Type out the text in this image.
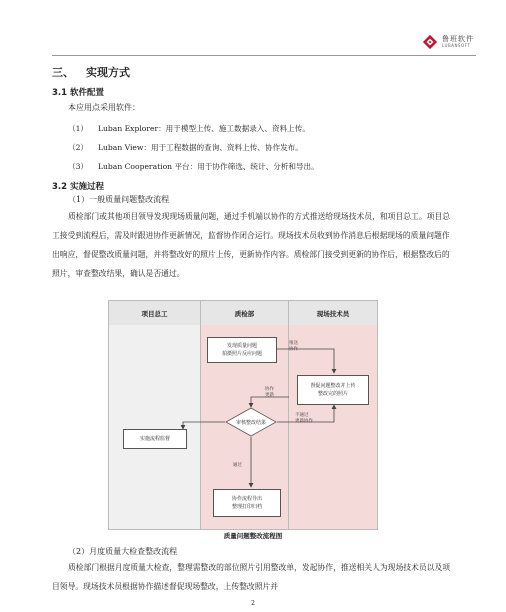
鲁班软件
LUBANSOFT
三、 实现方式
3.1 软件配置
本应用点采用软件：
（1） Luban Explorer：用于模型上传、施工数据录入、资料上传。
（2） Luban View：用于工程数据的查询、资料上传、协作发布。
（3） Luban Cooperation 平台：用于协作筛选、统计、分析和导出。
3.2 实施过程
（1）一般质量问题整改流程
质检部门或其他项目领导发现现场质量问题，通过手机端以协作的方式推送给现场技术员，和项目总工。项目总工接受到流程后，需及时跟进协作更新情况，监督协作闭合运行。现场技术员收到协作消息后根据现场的质量问题作出响应，督促整改质量问题，并将整改好的照片上传，更新协作内容。质检部门接受到更新的协作后，根据整改后的照片，审查整改结果，确认是否通过。
项目总工	质检部	现场技术员
发现质量问题
拍摄照片反应问题
督促问题整改并上传
整改完的照片
审核整改结果
实施流程监督
协作流程导出
整理打印归档
推送
协作
协作
更新
不通过
更新协作
通过
质量问题整改流程图
（2）月度质量大检查整改流程
质检部门根据月度质量大检查，整理需整改的部位照片引用整改单，发起协作，推送相关人为现场技术员以及项目领导。现场技术员根据协作描述督促现场整改，上传整改照片并
2
